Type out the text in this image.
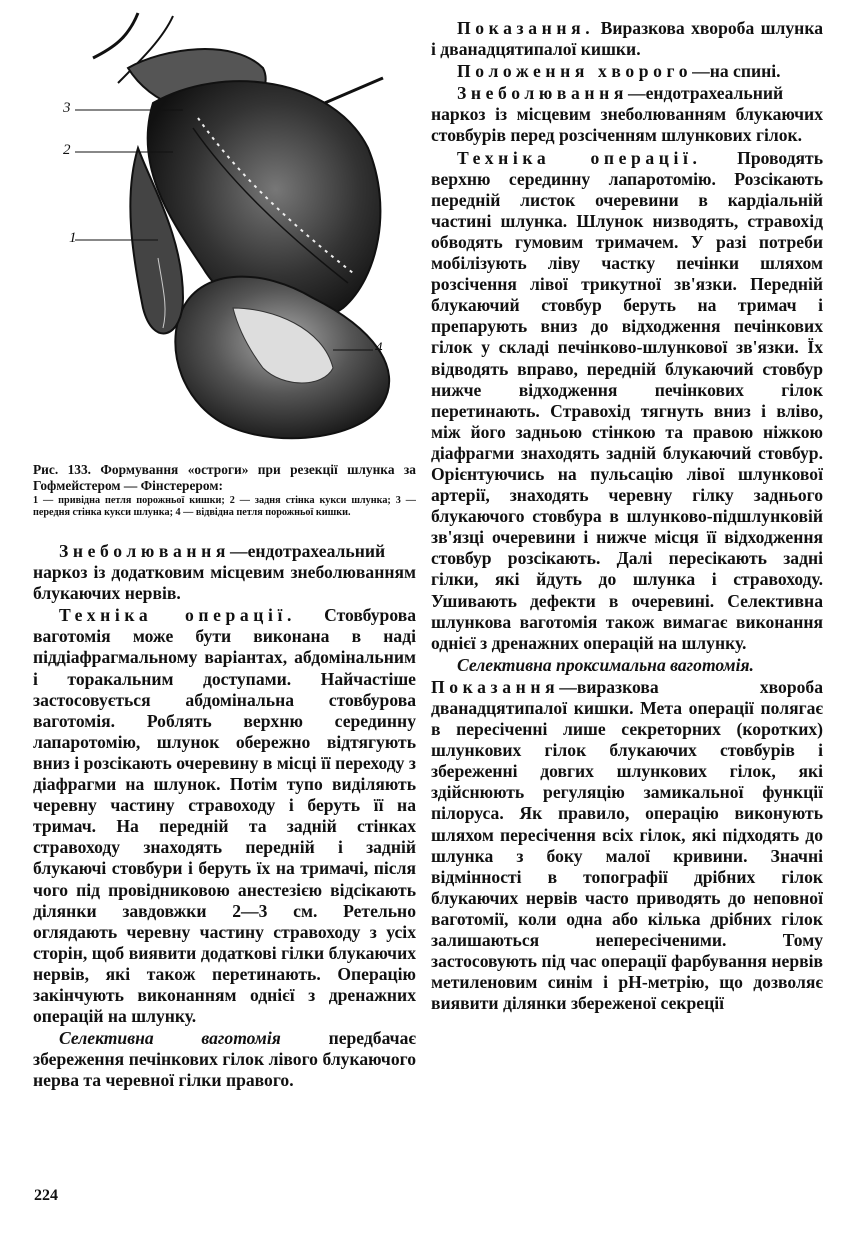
3
2
1
4
Рис. 133. Формування «остроги» при резекції шлунка за Гофмейстером — Фінстерером:
1 — привідна петля порожньої кишки; 2 — задня стінка кукси шлунка; 3 — передня стінка кукси шлунка; 4 — відвідна петля порожньої кишки.

Знеболювання—ендотрахеальний наркоз із додатковим місцевим знеболюванням блукаючих нервів.

Техніка операції. Стовбурова ваготомія може бути виконана в наді піддіафрагмальному варіантах, абдомінальним і торакальним доступами. Найчастіше застосовується абдомінальна стовбурова ваготомія. Роблять верхню серединну лапаротомію, шлунок обережно відтягують вниз і розсікають очеревину в місці її переходу з діафрагми на шлунок. Потім тупо виділяють черевну частину стравоходу і беруть її на тримач. На передній та задній стінках стравоходу знаходять передній і задній блукаючі стовбури і беруть їх на тримачі, після чого під провідниковою анестезією відсікають ділянки завдовжки 2—3 см. Ретельно оглядають черевну частину стравоходу з усіх сторін, щоб виявити додаткові гілки блукаючих нервів, які також перетинають. Операцію закінчують виконанням однієї з дренажних операцій на шлунку.

Селективна ваготомія передбачає збереження печінкових гілок лівого блукаючого нерва та черевної гілки правого.

Показання. Виразкова хвороба шлунка і дванадцятипалої кишки.

Положення хворого—на спині.

Знеболювання—ендотрахеальний наркоз із місцевим знеболюванням блукаючих стовбурів перед розсіченням шлункових гілок.

Техніка операції. Проводять верхню серединну лапаротомію. Розсікають передній листок очеревини в кардіальній частині шлунка. Шлунок низводять, стравохід обводять гумовим тримачем. У разі потреби мобілізують ліву частку печінки шляхом розсічення лівої трикутної зв'язки. Передній блукаючий стовбур беруть на тримач і препарують вниз до відходження печінкових гілок у складі печінково-шлункової зв'язки. Їх відводять вправо, передній блукаючий стовбур нижче відходження печінкових гілок перетинають. Стравохід тягнуть вниз і вліво, між його задньою стінкою та правою ніжкою діафрагми знаходять задній блукаючий стовбур. Орієнтуючись на пульсацію лівої шлункової артерії, знаходять черевну гілку заднього блукаючого стовбура в шлунково-підшлунковій зв'язці очеревини і нижче місця її відходження стовбур розсікають. Далі пересікають задні гілки, які йдуть до шлунка і стравоходу. Ушивають дефекти в очеревині. Селективна шлункова ваготомія також вимагає виконання однієї з дренажних операцій на шлунку.

Селективна проксимальна ваготомія.

Показання—виразкова хвороба дванадцятипалої кишки. Мета операції полягає в пересіченні лише секреторних (коротких) шлункових гілок блукаючих стовбурів і збереженні довгих шлункових гілок, які здійснюють регуляцію замикальної функції пілоруса. Як правило, операцію виконують шляхом пересічення всіх гілок, які підходять до шлунка з боку малої кривини. Значні відмінності в топографії дрібних гілок блукаючих нервів часто приводять до неповної ваготомії, коли одна або кілька дрібних гілок залишаються непересіченими. Тому застосовують під час операції фарбування нервів метиленовим синім і pH-метрію, що дозволяє виявити ділянки збереженої секреції

224
